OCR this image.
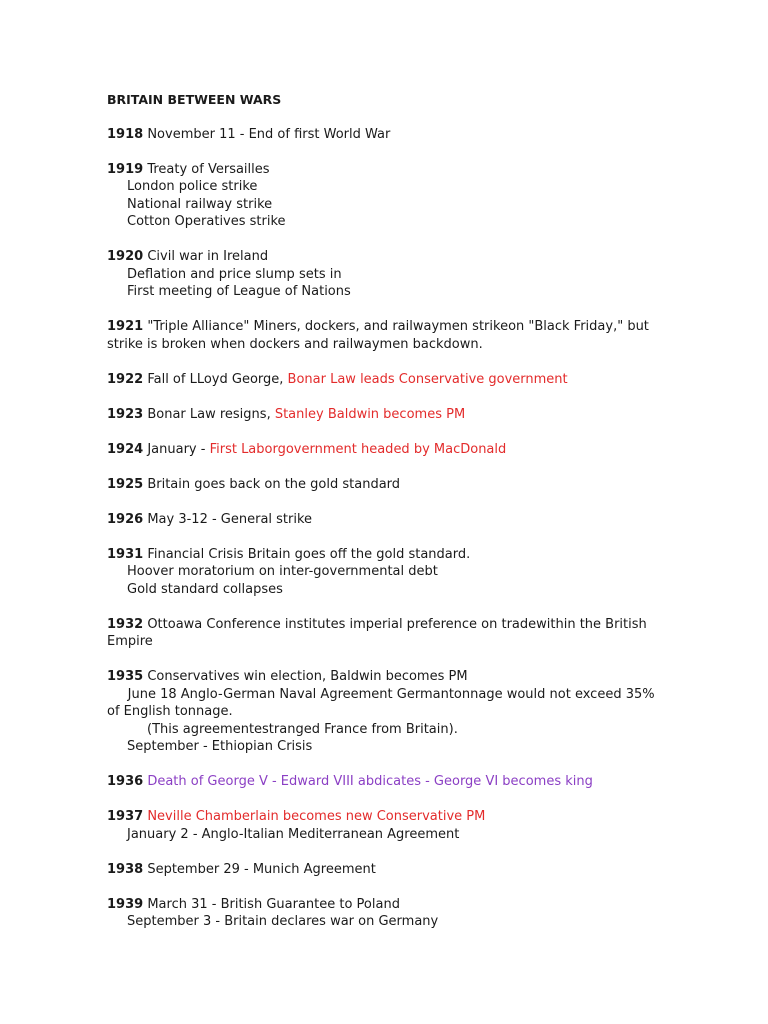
BRITAIN BETWEEN WARS
1918 November 11 - End of first World War
1919 Treaty of Versailles
London police strike
National railway strike
Cotton Operatives strike
1920 Civil war in Ireland
Deflation and price slump sets in
First meeting of League of Nations
1921 "Triple Alliance" Miners, dockers, and railwaymen strikeon "Black Friday," but strike is broken when dockers and railwaymen backdown.
1922 Fall of LLoyd George, Bonar Law leads Conservative government
1923 Bonar Law resigns, Stanley Baldwin becomes PM
1924 January - First Laborgovernment headed by MacDonald
1925 Britain goes back on the gold standard
1926 May 3-12 - General strike
1931 Financial Crisis Britain goes off the gold standard.
Hoover moratorium on inter-governmental debt
Gold standard collapses
1932 Ottoawa Conference institutes imperial preference on tradewithin the British Empire
1935 Conservatives win election, Baldwin becomes PM
June 18 Anglo-German Naval Agreement Germantonnage would not exceed 35% of English tonnage.
(This agreementestranged France from Britain).
September - Ethiopian Crisis
1936 Death of George V - Edward VIII abdicates - George VI becomes king
1937 Neville Chamberlain becomes new Conservative PM
January 2 - Anglo-Italian Mediterranean Agreement
1938 September 29 - Munich Agreement
1939 March 31 - British Guarantee to Poland
September 3 - Britain declares war on Germany
